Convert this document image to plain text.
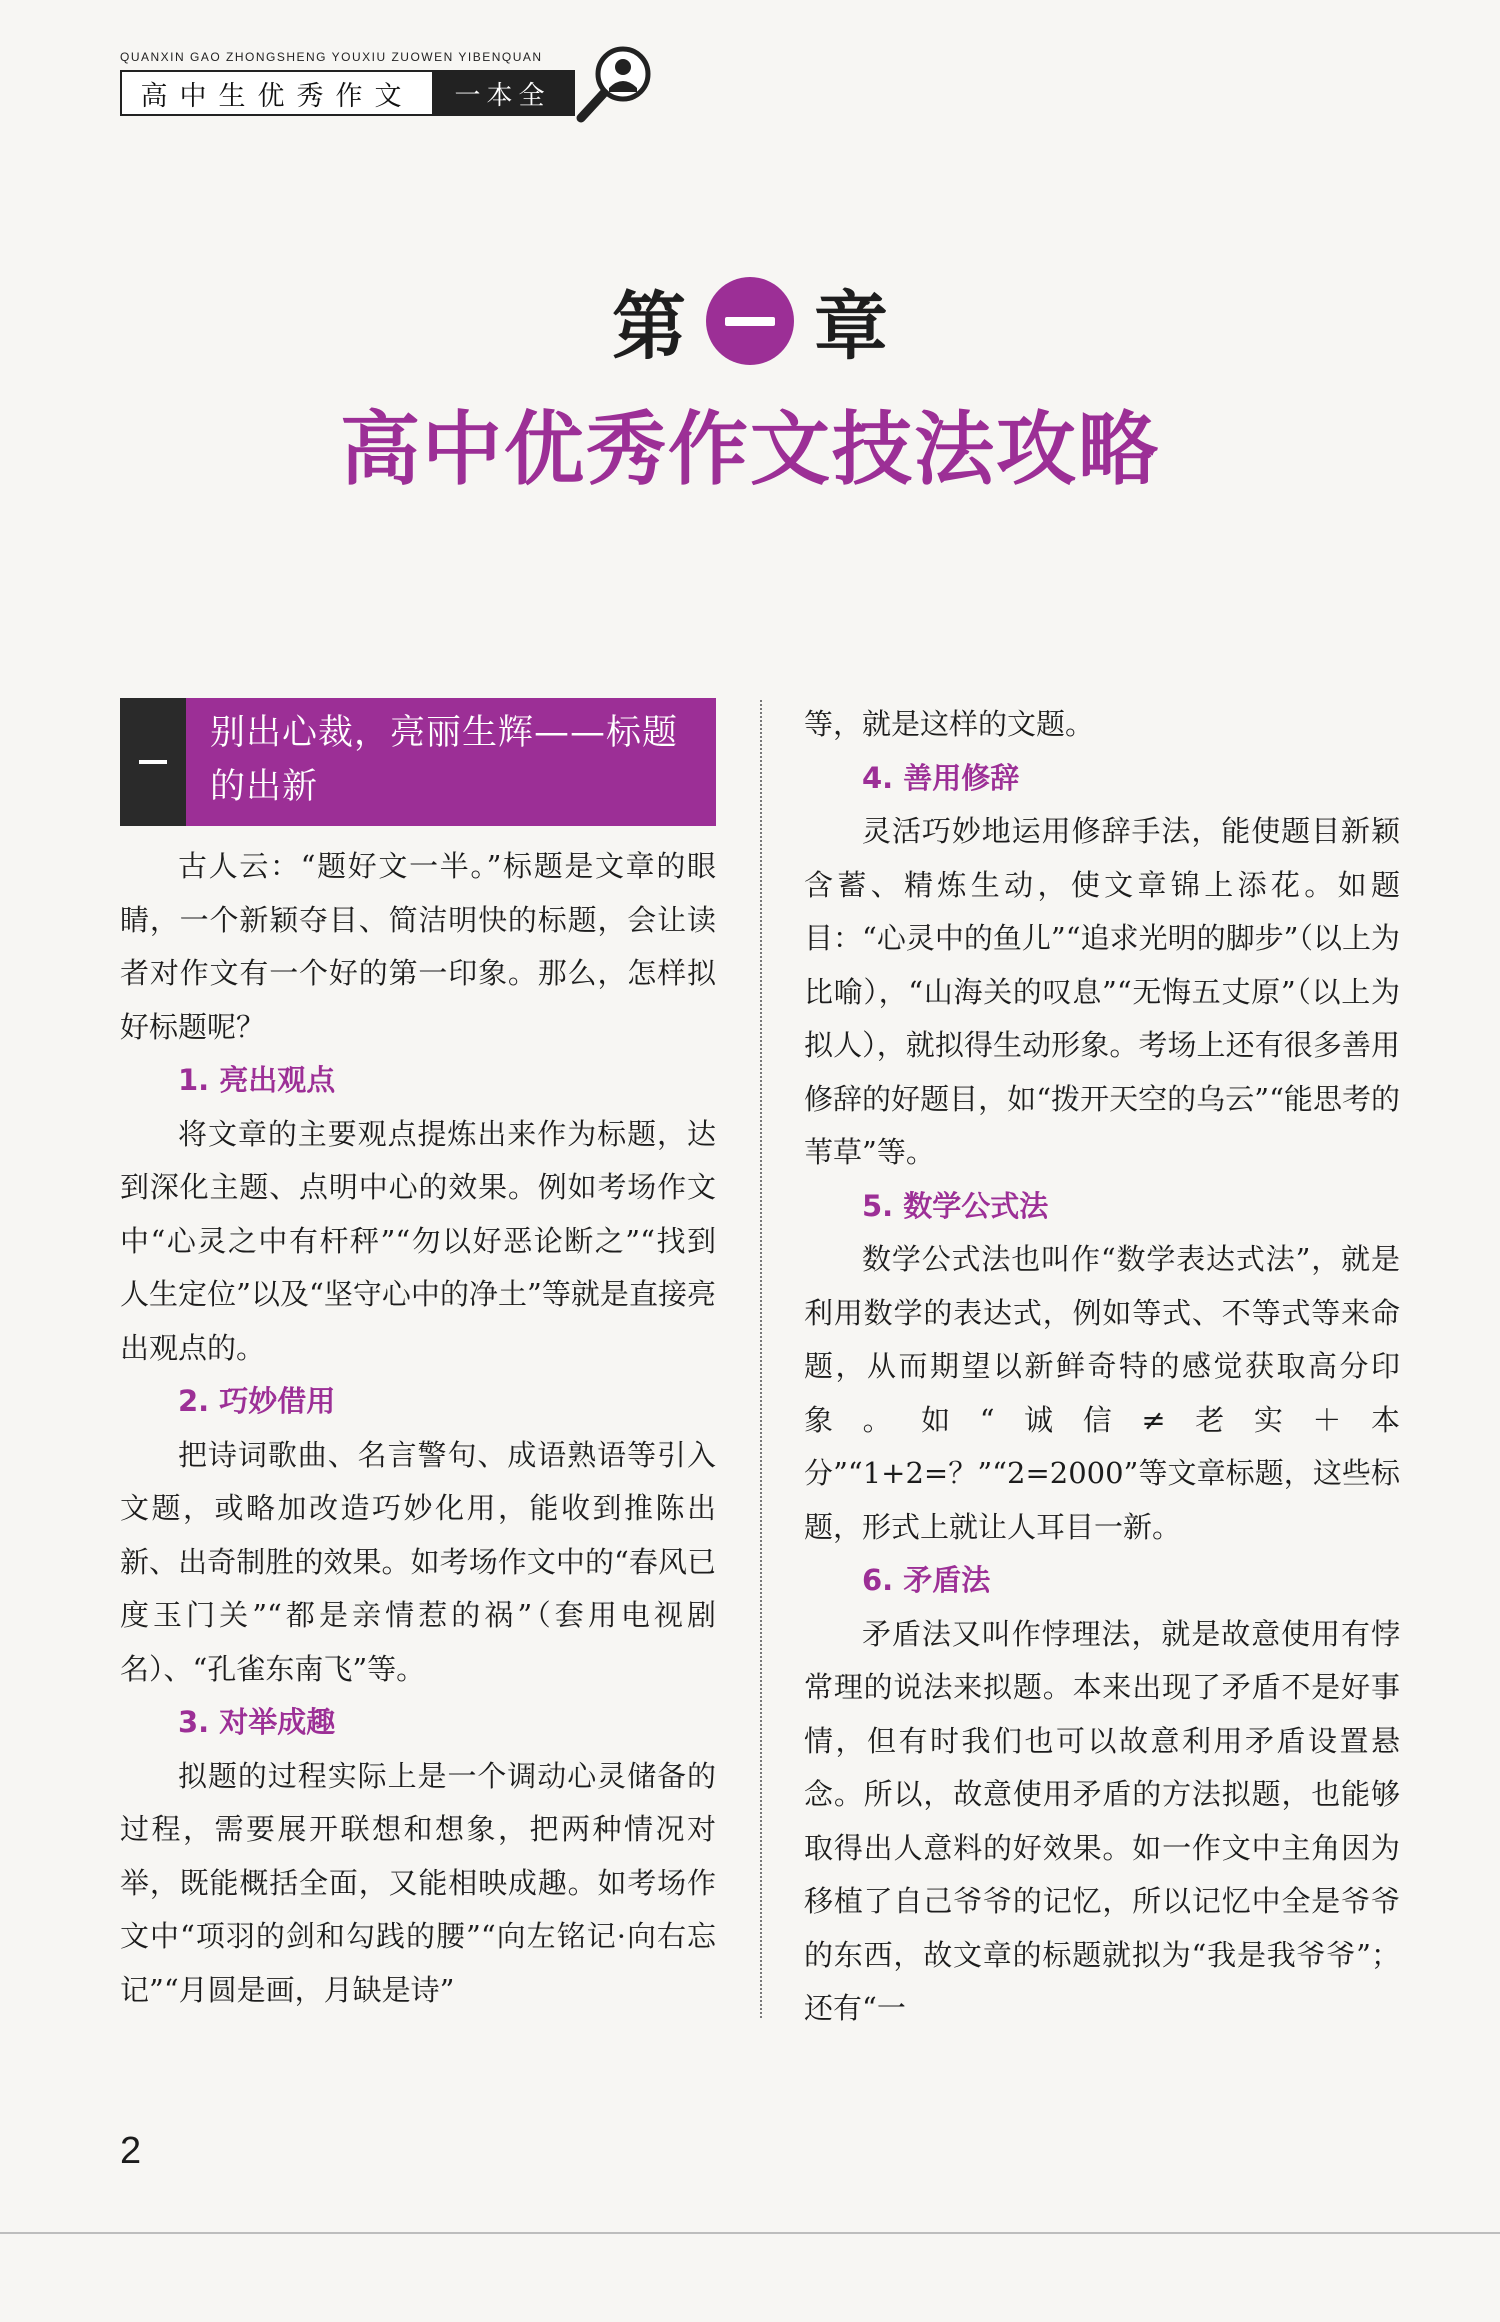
QUANXIN GAO ZHONGSHENG YOUXIU ZUOWEN YIBENQUAN
高中生优秀作文	一本全
第 章
高中优秀作文技法攻略
别出心裁，亮丽生辉——标题的出新
古人云：“题好文一半。”标题是文章的眼睛，一个新颖夺目、简洁明快的标题，会让读者对作文有一个好的第一印象。那么，怎样拟好标题呢？
1. 亮出观点
将文章的主要观点提炼出来作为标题，达到深化主题、点明中心的效果。例如考场作文中“心灵之中有杆秤”“勿以好恶论断之”“找到人生定位”以及“坚守心中的净土”等就是直接亮出观点的。
2. 巧妙借用
把诗词歌曲、名言警句、成语熟语等引入文题，或略加改造巧妙化用，能收到推陈出新、出奇制胜的效果。如考场作文中的“春风已度玉门关”“都是亲情惹的祸”（套用电视剧名）、“孔雀东南飞”等。
3. 对举成趣
拟题的过程实际上是一个调动心灵储备的过程，需要展开联想和想象，把两种情况对举，既能概括全面，又能相映成趣。如考场作文中“项羽的剑和勾践的腰”“向左铭记·向右忘记”“月圆是画，月缺是诗”
等，就是这样的文题。
4. 善用修辞
灵活巧妙地运用修辞手法，能使题目新颖含蓄、精炼生动，使文章锦上添花。如题目：“心灵中的鱼儿”“追求光明的脚步”（以上为比喻），“山海关的叹息”“无悔五丈原”（以上为拟人），就拟得生动形象。考场上还有很多善用修辞的好题目，如“拨开天空的乌云”“能思考的苇草”等。
5. 数学公式法
数学公式法也叫作“数学表达式法”，就是利用数学的表达式，例如等式、不等式等来命题，从而期望以新鲜奇特的感觉获取高分印象。如“诚信≠老实＋本分”“1+2=？”“2=2000”等文章标题，这些标题，形式上就让人耳目一新。
6. 矛盾法
矛盾法又叫作悖理法，就是故意使用有悖常理的说法来拟题。本来出现了矛盾不是好事情，但有时我们也可以故意利用矛盾设置悬念。所以，故意使用矛盾的方法拟题，也能够取得出人意料的好效果。如一作文中主角因为移植了自己爷爷的记忆，所以记忆中全是爷爷的东西，故文章的标题就拟为“我是我爷爷”；还有“一
2
